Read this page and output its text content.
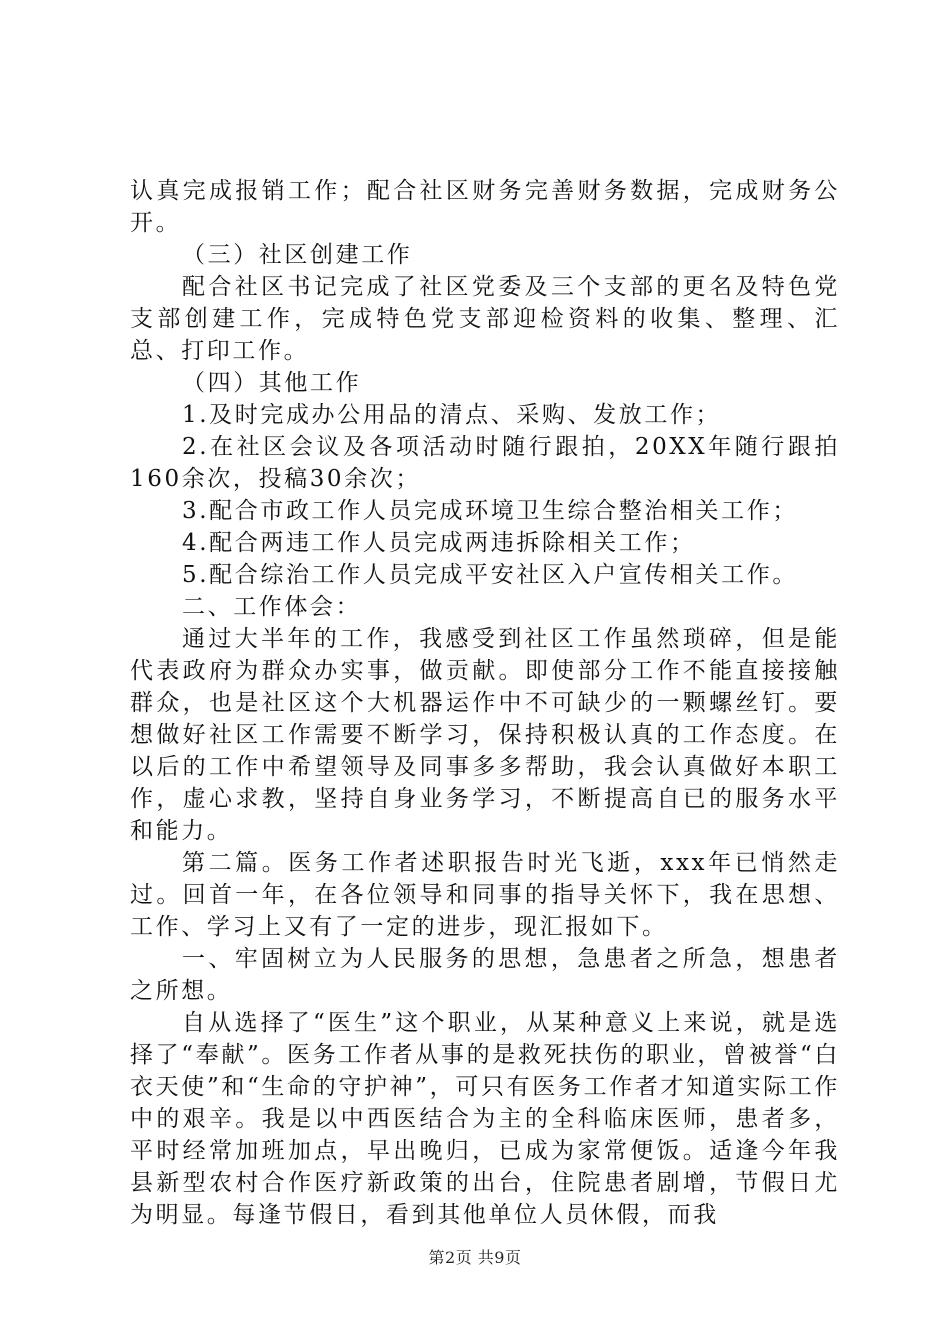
认真完成报销工作；配合社区财务完善财务数据，完成财务公开。

（三）社区创建工作

配合社区书记完成了社区党委及三个支部的更名及特色党支部创建工作，完成特色党支部迎检资料的收集、整理、汇总、打印工作。

（四）其他工作

1.及时完成办公用品的清点、采购、发放工作；

2.在社区会议及各项活动时随行跟拍，20XX年随行跟拍160余次，投稿30余次；

3.配合市政工作人员完成环境卫生综合整治相关工作；

4.配合两违工作人员完成两违拆除相关工作；

5.配合综治工作人员完成平安社区入户宣传相关工作。

二、工作体会：

通过大半年的工作，我感受到社区工作虽然琐碎，但是能代表政府为群众办实事，做贡献。即使部分工作不能直接接触群众，也是社区这个大机器运作中不可缺少的一颗螺丝钉。要想做好社区工作需要不断学习，保持积极认真的工作态度。在以后的工作中希望领导及同事多多帮助，我会认真做好本职工作，虚心求教，坚持自身业务学习，不断提高自已的服务水平和能力。

第二篇。医务工作者述职报告时光飞逝，xxx年已悄然走过。回首一年，在各位领导和同事的指导关怀下，我在思想、工作、学习上又有了一定的进步，现汇报如下。

一、牢固树立为人民服务的思想，急患者之所急，想患者之所想。

自从选择了“医生”这个职业，从某种意义上来说，就是选择了“奉献”。医务工作者从事的是救死扶伤的职业，曾被誉“白衣天使”和“生命的守护神”，可只有医务工作者才知道实际工作中的艰辛。我是以中西医结合为主的全科临床医师，患者多，平时经常加班加点，早出晚归，已成为家常便饭。适逢今年我县新型农村合作医疗新政策的出台，住院患者剧增，节假日尤为明显。每逢节假日，看到其他单位人员休假，而我

第2页 共9页
